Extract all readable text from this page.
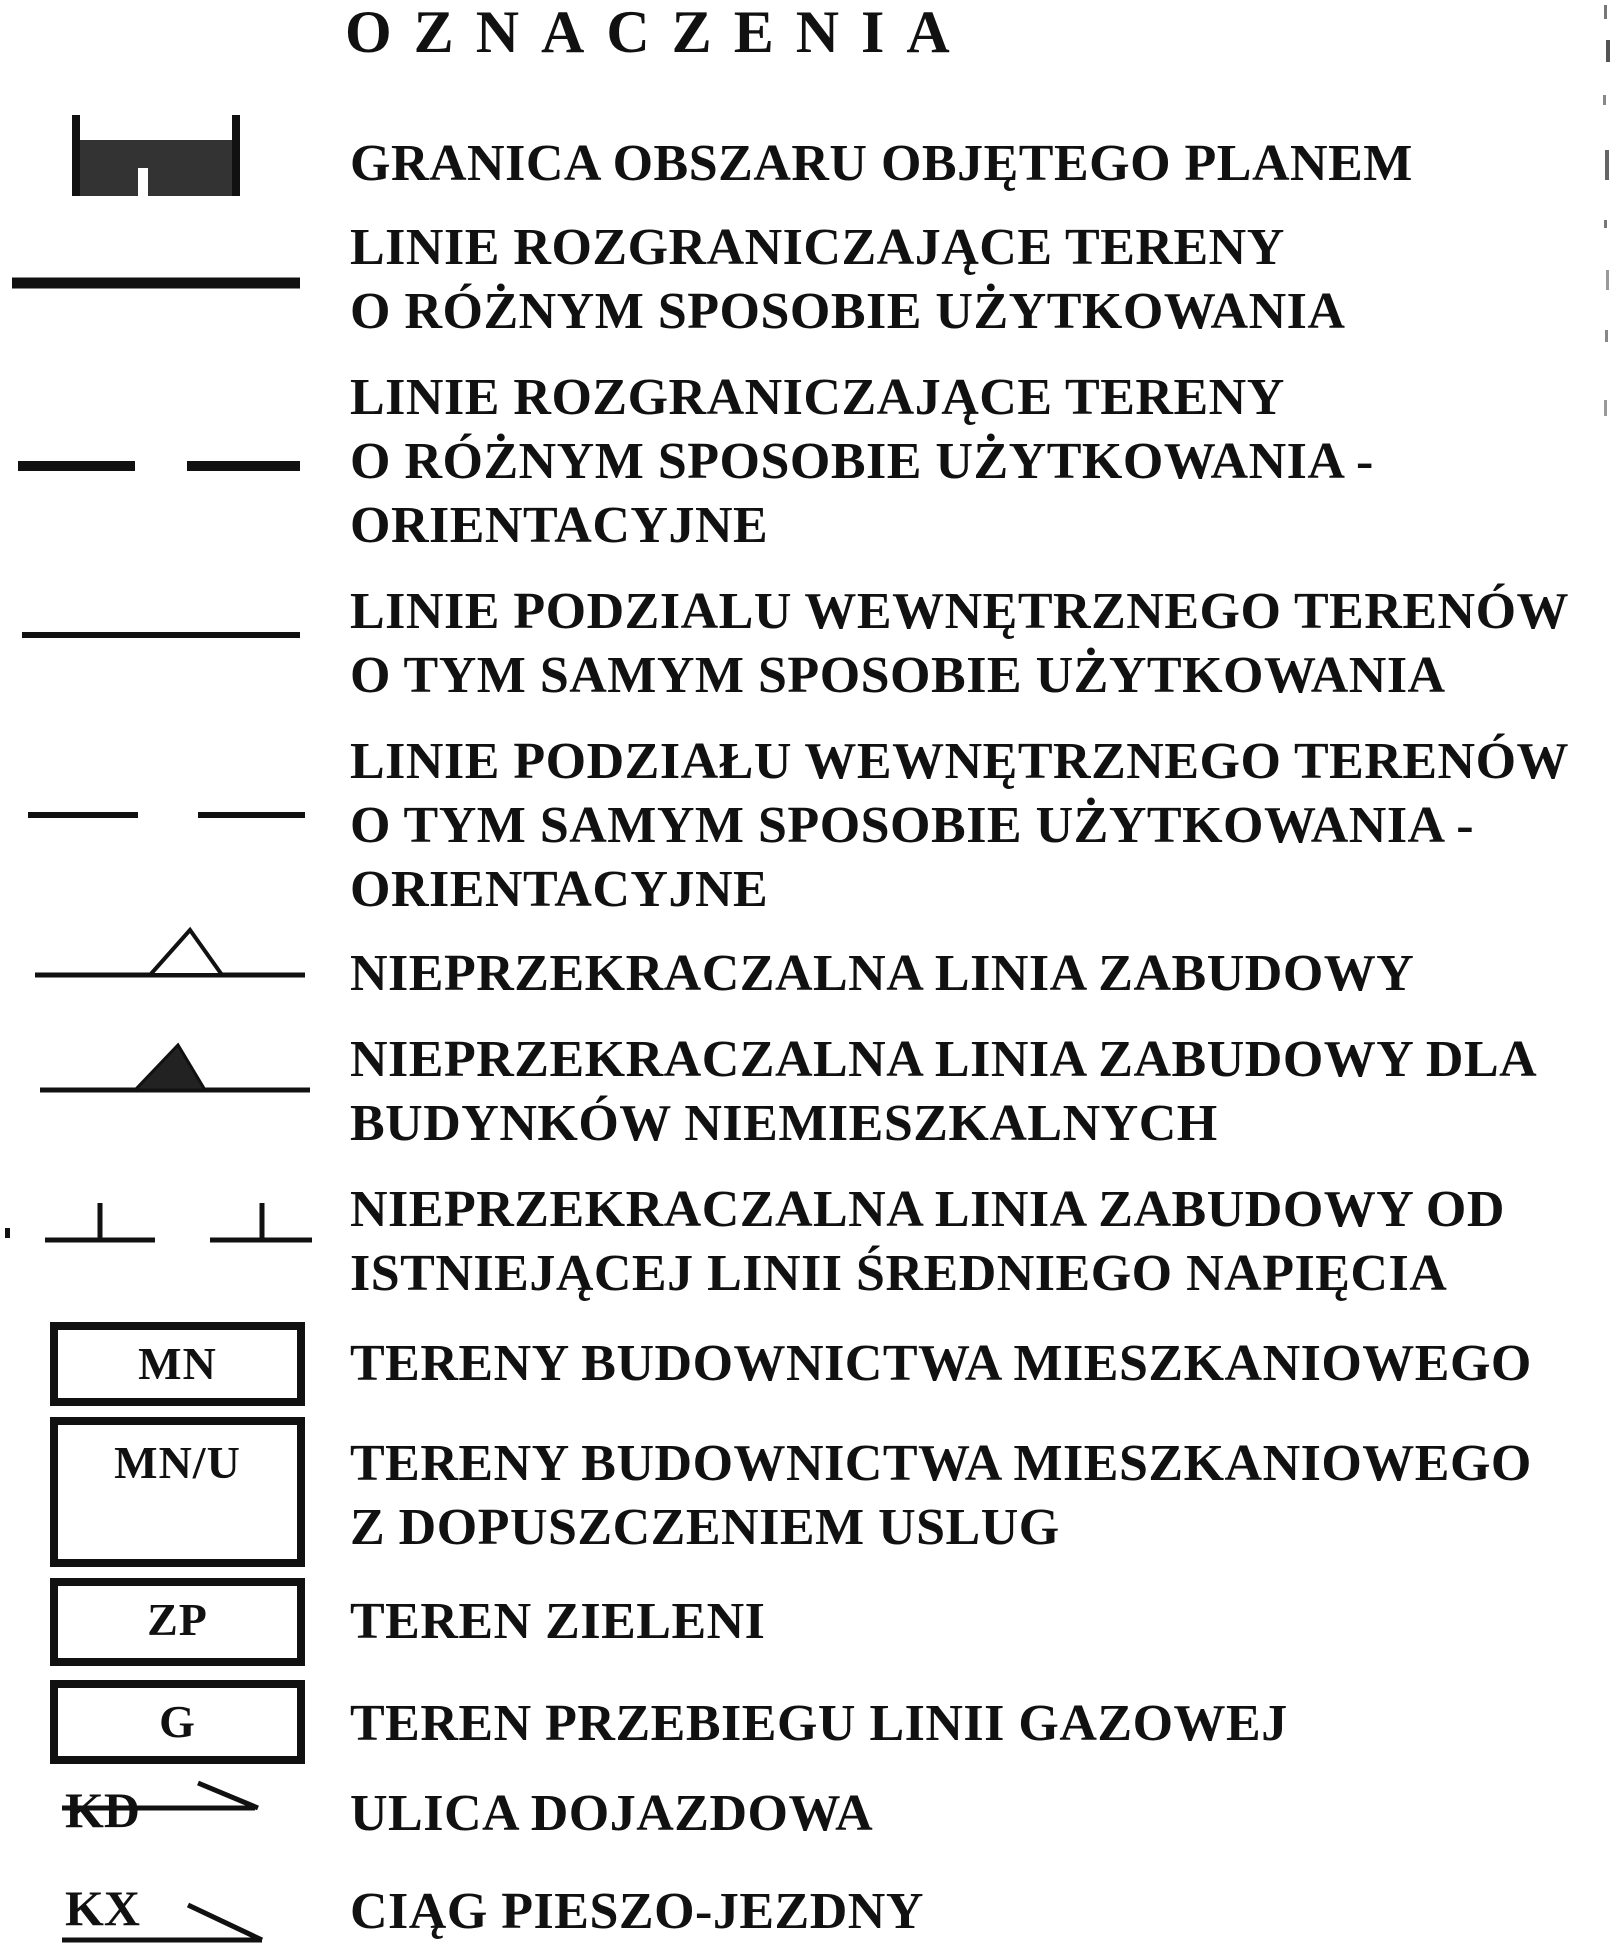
OZNACZENIA
MN
MN/U
ZP
G
KD
KX
GRANICA OBSZARU OBJĘTEGO PLANEM
LINIE ROZGRANICZAJĄCE TERENY
O RÓŻNYM SPOSOBIE UŻYTKOWANIA
LINIE ROZGRANICZAJĄCE TERENY
O RÓŻNYM SPOSOBIE UŻYTKOWANIA -
ORIENTACYJNE
LINIE PODZIALU WEWNĘTRZNEGO TERENÓW
O TYM SAMYM SPOSOBIE UŻYTKOWANIA
LINIE PODZIAŁU WEWNĘTRZNEGO TERENÓW
O TYM SAMYM SPOSOBIE UŻYTKOWANIA -
ORIENTACYJNE
NIEPRZEKRACZALNA LINIA ZABUDOWY
NIEPRZEKRACZALNA LINIA ZABUDOWY DLA
BUDYNKÓW NIEMIESZKALNYCH
NIEPRZEKRACZALNA LINIA ZABUDOWY OD
ISTNIEJĄCEJ LINII ŚREDNIEGO NAPIĘCIA
TERENY BUDOWNICTWA MIESZKANIOWEGO
TERENY BUDOWNICTWA MIESZKANIOWEGO
Z DOPUSZCZENIEM USLUG
TEREN ZIELENI
TEREN PRZEBIEGU LINII GAZOWEJ
ULICA DOJAZDOWA
CIĄG PIESZO-JEZDNY
